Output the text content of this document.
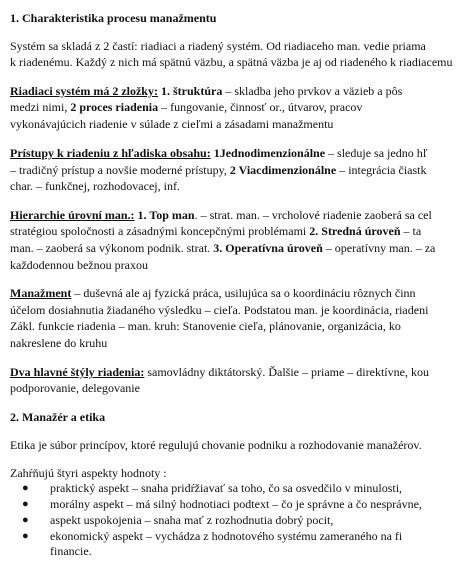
1. Charakteristika procesu manažmentu
Systém sa skladá z 2 častí: riadiaci a riadený systém. Od riadiaceho man. vedie priama
k riadenému. Každý z nich má spätnú väzbu, a spätná väzba je aj od riadeného k riadiacemu
Riadiaci systém má 2 zložky: 1. štruktúra – skladba jeho prvkov a väzieb a pôs
medzi nimi, 2 proces riadenia – fungovanie, činnosť or., útvarov, pracov
vykonávajúcich riadenie v súlade z cieľmi a zásadami manažmentu
Prístupy k riadeniu z hľadiska obsahu: 1Jednodimenzionálne – sleduje sa jedno hľ
– tradičný prístup a novšie moderné prístupy, 2 Viacdimenzionálne – integrácia čiastk
char. – funkčnej, rozhodovacej, inf.
Hierarchie úrovní man.: 1. Top man. – strat. man. – vrcholové riadenie zaoberá sa cel
stratégiou spoločnosti a zásadnými koncepčnými problémami 2. Stredná úroveň – ta
man. – zaoberá sa výkonom podnik. strat. 3. Operatívna úroveň – operatívny man. – za
každodennou bežnou praxou
Manažment – duševná ale aj fyzická práca, usilujúca sa o koordináciu rôznych činn
účelom dosiahnutia žiadaného výsledku – cieľa. Podstatou man. je koordinácia, riadeni
Zákl. funkcie riadenia – man. kruh: Stanovenie cieľa, plánovanie, organizácia, ko
nakreslene do kruhu
Dva hlavné štýly riadenia: samovládny diktátorský. Ďalšie – priame – direktívne, kou
podporovanie, delegovanie
2. Manažér a etika
Etika je súbor princípov, ktoré regulujú chovanie podniku a rozhodovanie manažérov.
Zahŕňujú štyri aspekty hodnoty :
● praktický aspekt – snaha pridŕžiavať sa toho, čo sa osvedčilo v minulosti,
● morálny aspekt – má silný hodnotiaci podtext – čo je správne a čo nesprávne,
● aspekt uspokojenia – snaha mať z rozhodnutia dobrý pocit,
● ekonomický aspekt – vychádza z hodnotového systému zameraného na fi
financie.
